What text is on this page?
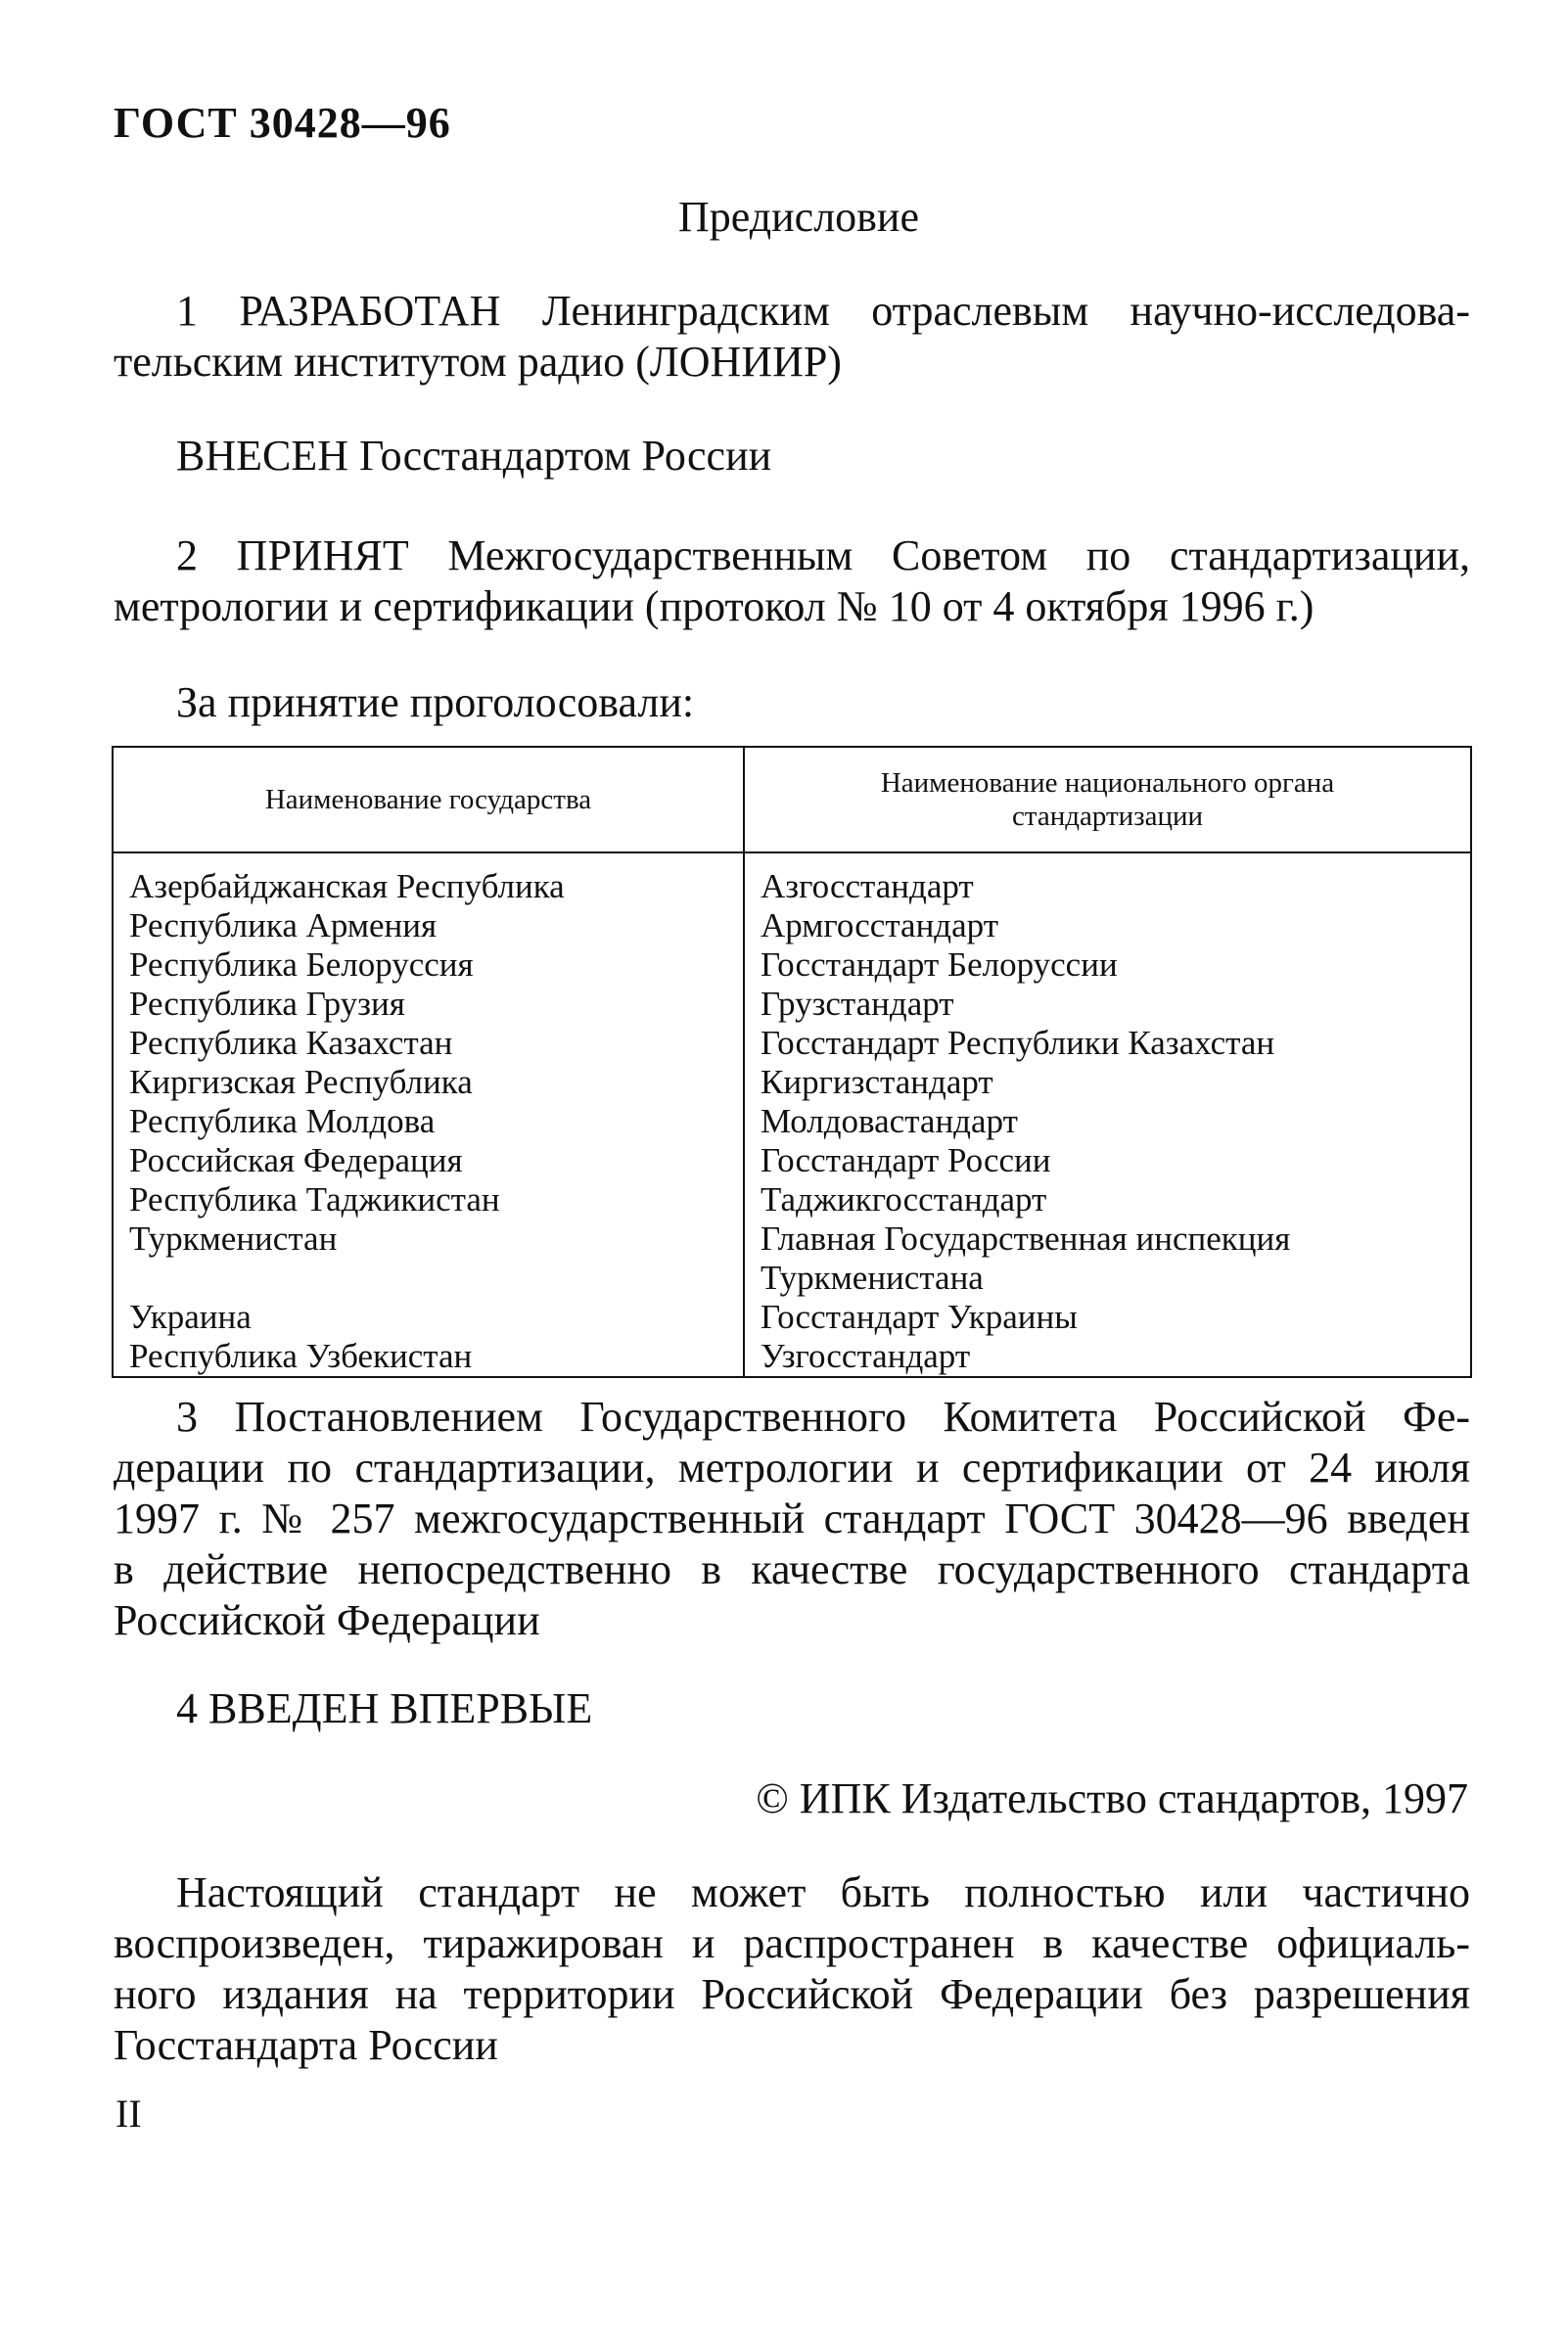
ГОСТ 30428—96
Предисловие
1 РАЗРАБОТАН Ленинградским отраслевым научно-исследова-
тельским институтом радио (ЛОНИИР)
ВНЕСЕН Госстандартом России
2 ПРИНЯТ Межгосударственным Советом по стандартизации,
метрологии и сертификации (протокол № 10 от 4 октября 1996 г.)
За принятие проголосовали:
Наименование государства	Наименование национального органа
стандартизации

Азербайджанская Республика	Азгосстандарт

Республика Армения	Армгосстандарт

Республика Белоруссия	Госстандарт Белоруссии

Республика Грузия	Грузстандарт

Республика Казахстан	Госстандарт Республики Казахстан

Киргизская Республика	Киргизстандарт

Республика Молдова	Молдовастандарт

Российская Федерация	Госстандарт России

Республика Таджикистан	Таджикгосстандарт

Туркменистан	Главная Государственная инспекция
Туркменистана

Украина	Госстандарт Украины

Республика Узбекистан	Узгосстандарт
3 Постановлением Государственного Комитета Российской Фе-
дерации по стандартизации, метрологии и сертификации от 24 июля
1997 г. № 257 межгосударственный стандарт ГОСТ 30428—96 введен
в действие непосредственно в качестве государственного стандарта
Российской Федерации
4 ВВЕДЕН ВПЕРВЫЕ
© ИПК Издательство стандартов, 1997
Настоящий стандарт не может быть полностью или частично
воспроизведен, тиражирован и распространен в качестве официаль-
ного издания на территории Российской Федерации без разрешения
Госстандарта России
II
